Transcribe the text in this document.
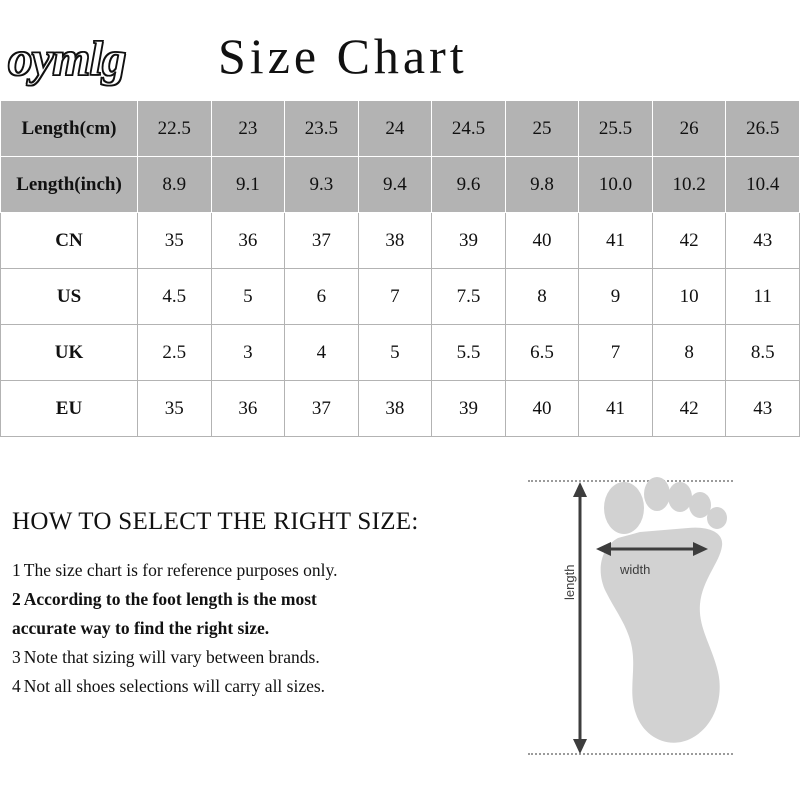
oymlg Size Chart
Length(cm)	22.5	23	23.5	24	24.5	25	25.5	26	26.5
Length(inch)	8.9	9.1	9.3	9.4	9.6	9.8	10.0	10.2	10.4
CN	35	36	37	38	39	40	41	42	43
US	4.5	5	6	7	7.5	8	9	10	11
UK	2.5	3	4	5	5.5	6.5	7	8	8.5
EU	35	36	37	38	39	40	41	42	43
HOW TO SELECT THE RIGHT SIZE:
1 The size chart is for reference purposes only.
2 According to the foot length is the most
accurate way to find the right size.
3 Note that sizing will vary between brands.
4 Not all shoes selections will carry all sizes.
width
length
